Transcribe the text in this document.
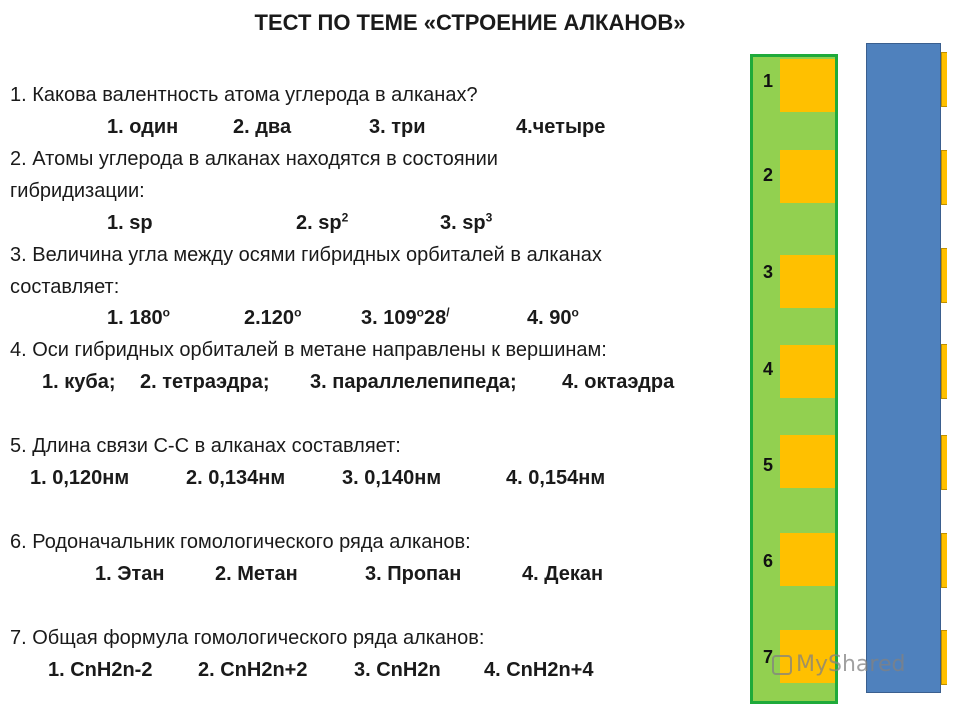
ТЕСТ ПО ТЕМЕ «СТРОЕНИЕ АЛКАНОВ»
1. Какова валентность атома углерода в алканах?
1. один	2. два	3. три	4.четыре
2. Атомы углерода в алканах находятся в состоянии
гибридизации:
1. sp	2. $sp^2$	3. $sp^3$
3. Величина угла между осями гибридных орбиталей в алканах
составляет:
1. $180^о$	$2.120^о$	3. $109^о28^/$	4. $90^о$
4. Оси гибридных орбиталей в метане направлены к вершинам:
1. куба; 2. тетраэдра; 3. параллелепипеда; 4. октаэдра
5. Длина связи С-С в алканах составляет:
1. 0,120нм	2. 0,134нм	3. 0,140нм	4. 0,154нм
6. Родоначальник гомологического ряда алканов:
1. Этан	2. Метан	3. Пропан	4. Декан
7. Общая формула гомологического ряда алканов:
1. CnH2n-2 2. CnH2n+2 3. CnH2n 4. CnH2n+4
1
2
3
4
5
6
7 MyShared
